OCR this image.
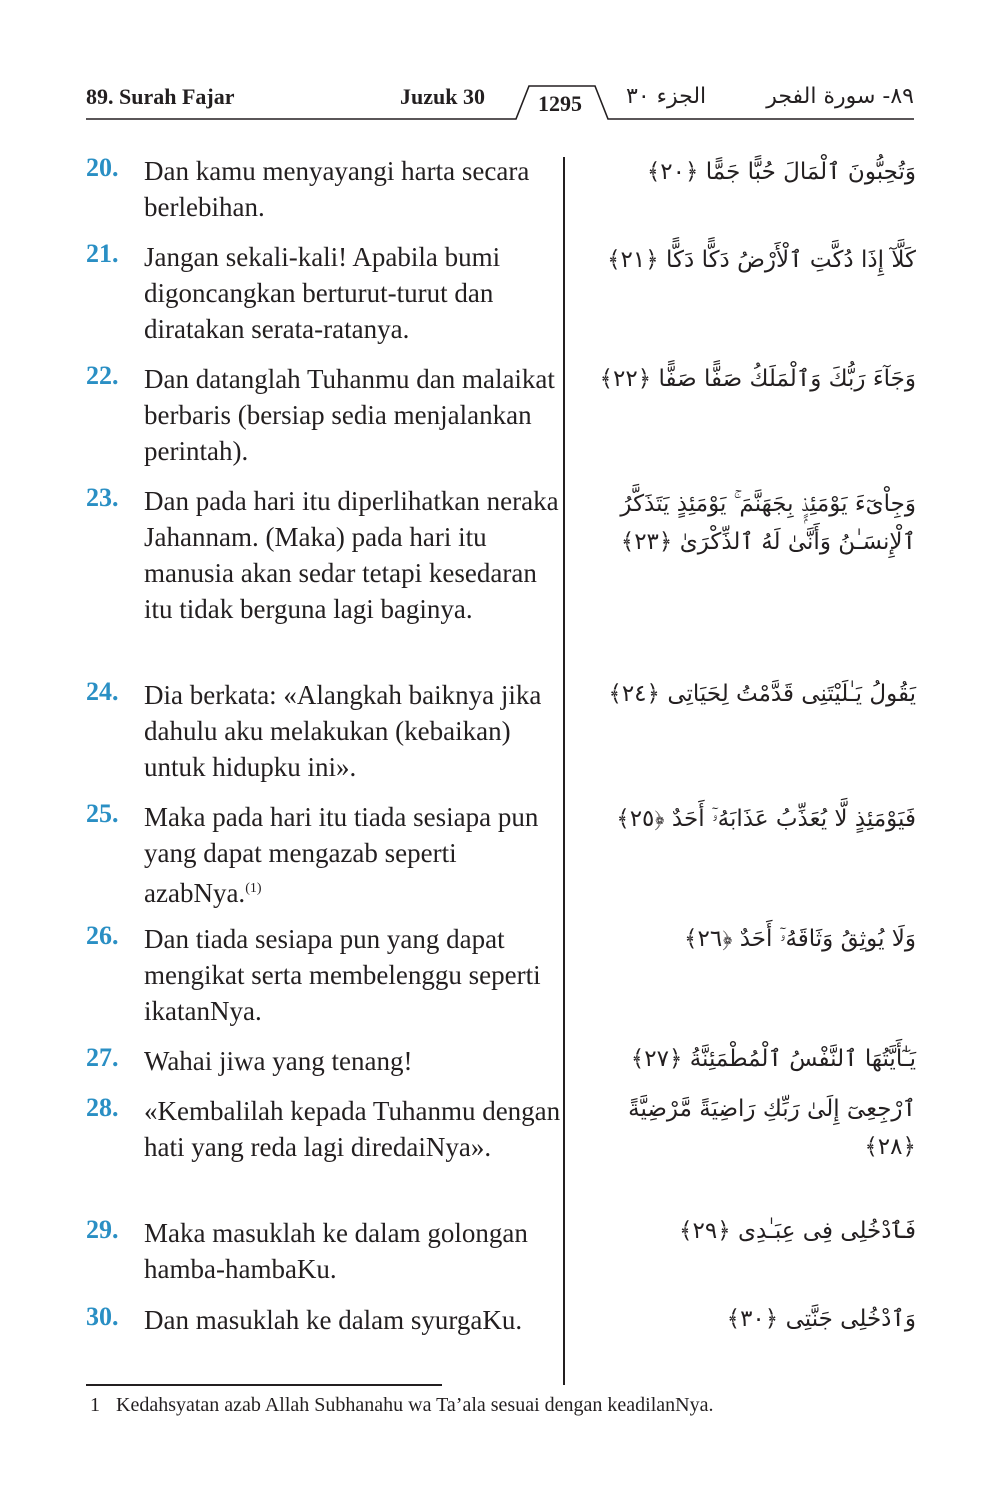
89. Surah Fajar	Juzuk 30 1295 الجزء ٣٠	٨٩- سورة الفجر
20. Dan kamu menyayangi harta secara berlebihan.
وَتُحِبُّونَ ٱلْمَالَ حُبًّا جَمًّا ﴿٢٠﴾
21. Jangan sekali-kali! Apabila bumi digoncangkan berturut-turut dan diratakan serata-ratanya.
كَلَّآ إِذَا دُكَّتِ ٱلْأَرْضُ دَكًّا دَكًّا ﴿٢١﴾
22. Dan datanglah Tuhanmu dan malaikat berbaris (bersiap sedia menjalankan perintah).
وَجَآءَ رَبُّكَ وَٱلْمَلَكُ صَفًّا صَفًّا ﴿٢٢﴾
23. Dan pada hari itu diperlihatkan neraka Jahannam. (Maka) pada hari itu manusia akan sedar tetapi kesedaran itu tidak berguna lagi baginya.
وَجِاْىٓءَ يَوْمَئِذٍۭ بِجَهَنَّمَ ۚ يَوْمَئِذٍ يَتَذَكَّرُ ٱلْإِنسَـٰنُ وَأَنَّىٰ لَهُ ٱلذِّكْرَىٰ ﴿٢٣﴾
24. Dia berkata: «Alangkah baiknya jika dahulu aku melakukan (kebaikan) untuk hidupku ini».
يَقُولُ يَـٰلَيْتَنِى قَدَّمْتُ لِحَيَاتِى ﴿٢٤﴾
25. Maka pada hari itu tiada sesiapa pun yang dapat mengazab seperti azabNya.$^{(1)}$
فَيَوْمَئِذٍ لَّا يُعَذِّبُ عَذَابَهُۥٓ أَحَدٌ ﴿٢٥﴾
26. Dan tiada sesiapa pun yang dapat mengikat serta membelenggu seperti ikatanNya.
وَلَا يُوثِقُ وَثَاقَهُۥٓ أَحَدٌ ﴿٢٦﴾
27. Wahai jiwa yang tenang!	يَـٰٓأَيَّتُهَا ٱلنَّفْسُ ٱلْمُطْمَئِنَّةُ ﴿٢٧﴾
28. «Kembalilah kepada Tuhanmu dengan hati yang reda lagi diredaiNya».
ٱرْجِعِىٓ إِلَىٰ رَبِّكِ رَاضِيَةً مَّرْضِيَّةً ﴿٢٨﴾
29. Maka masuklah ke dalam golongan hamba-hambaKu.
فَٱدْخُلِى فِى عِبَـٰدِى ﴿٢٩﴾
30. Dan masuklah ke dalam syurgaKu.	وَٱدْخُلِى جَنَّتِى ﴿٣٠﴾
1 Kedahsyatan azab Allah Subhanahu wa Ta’ala sesuai dengan keadilanNya.
